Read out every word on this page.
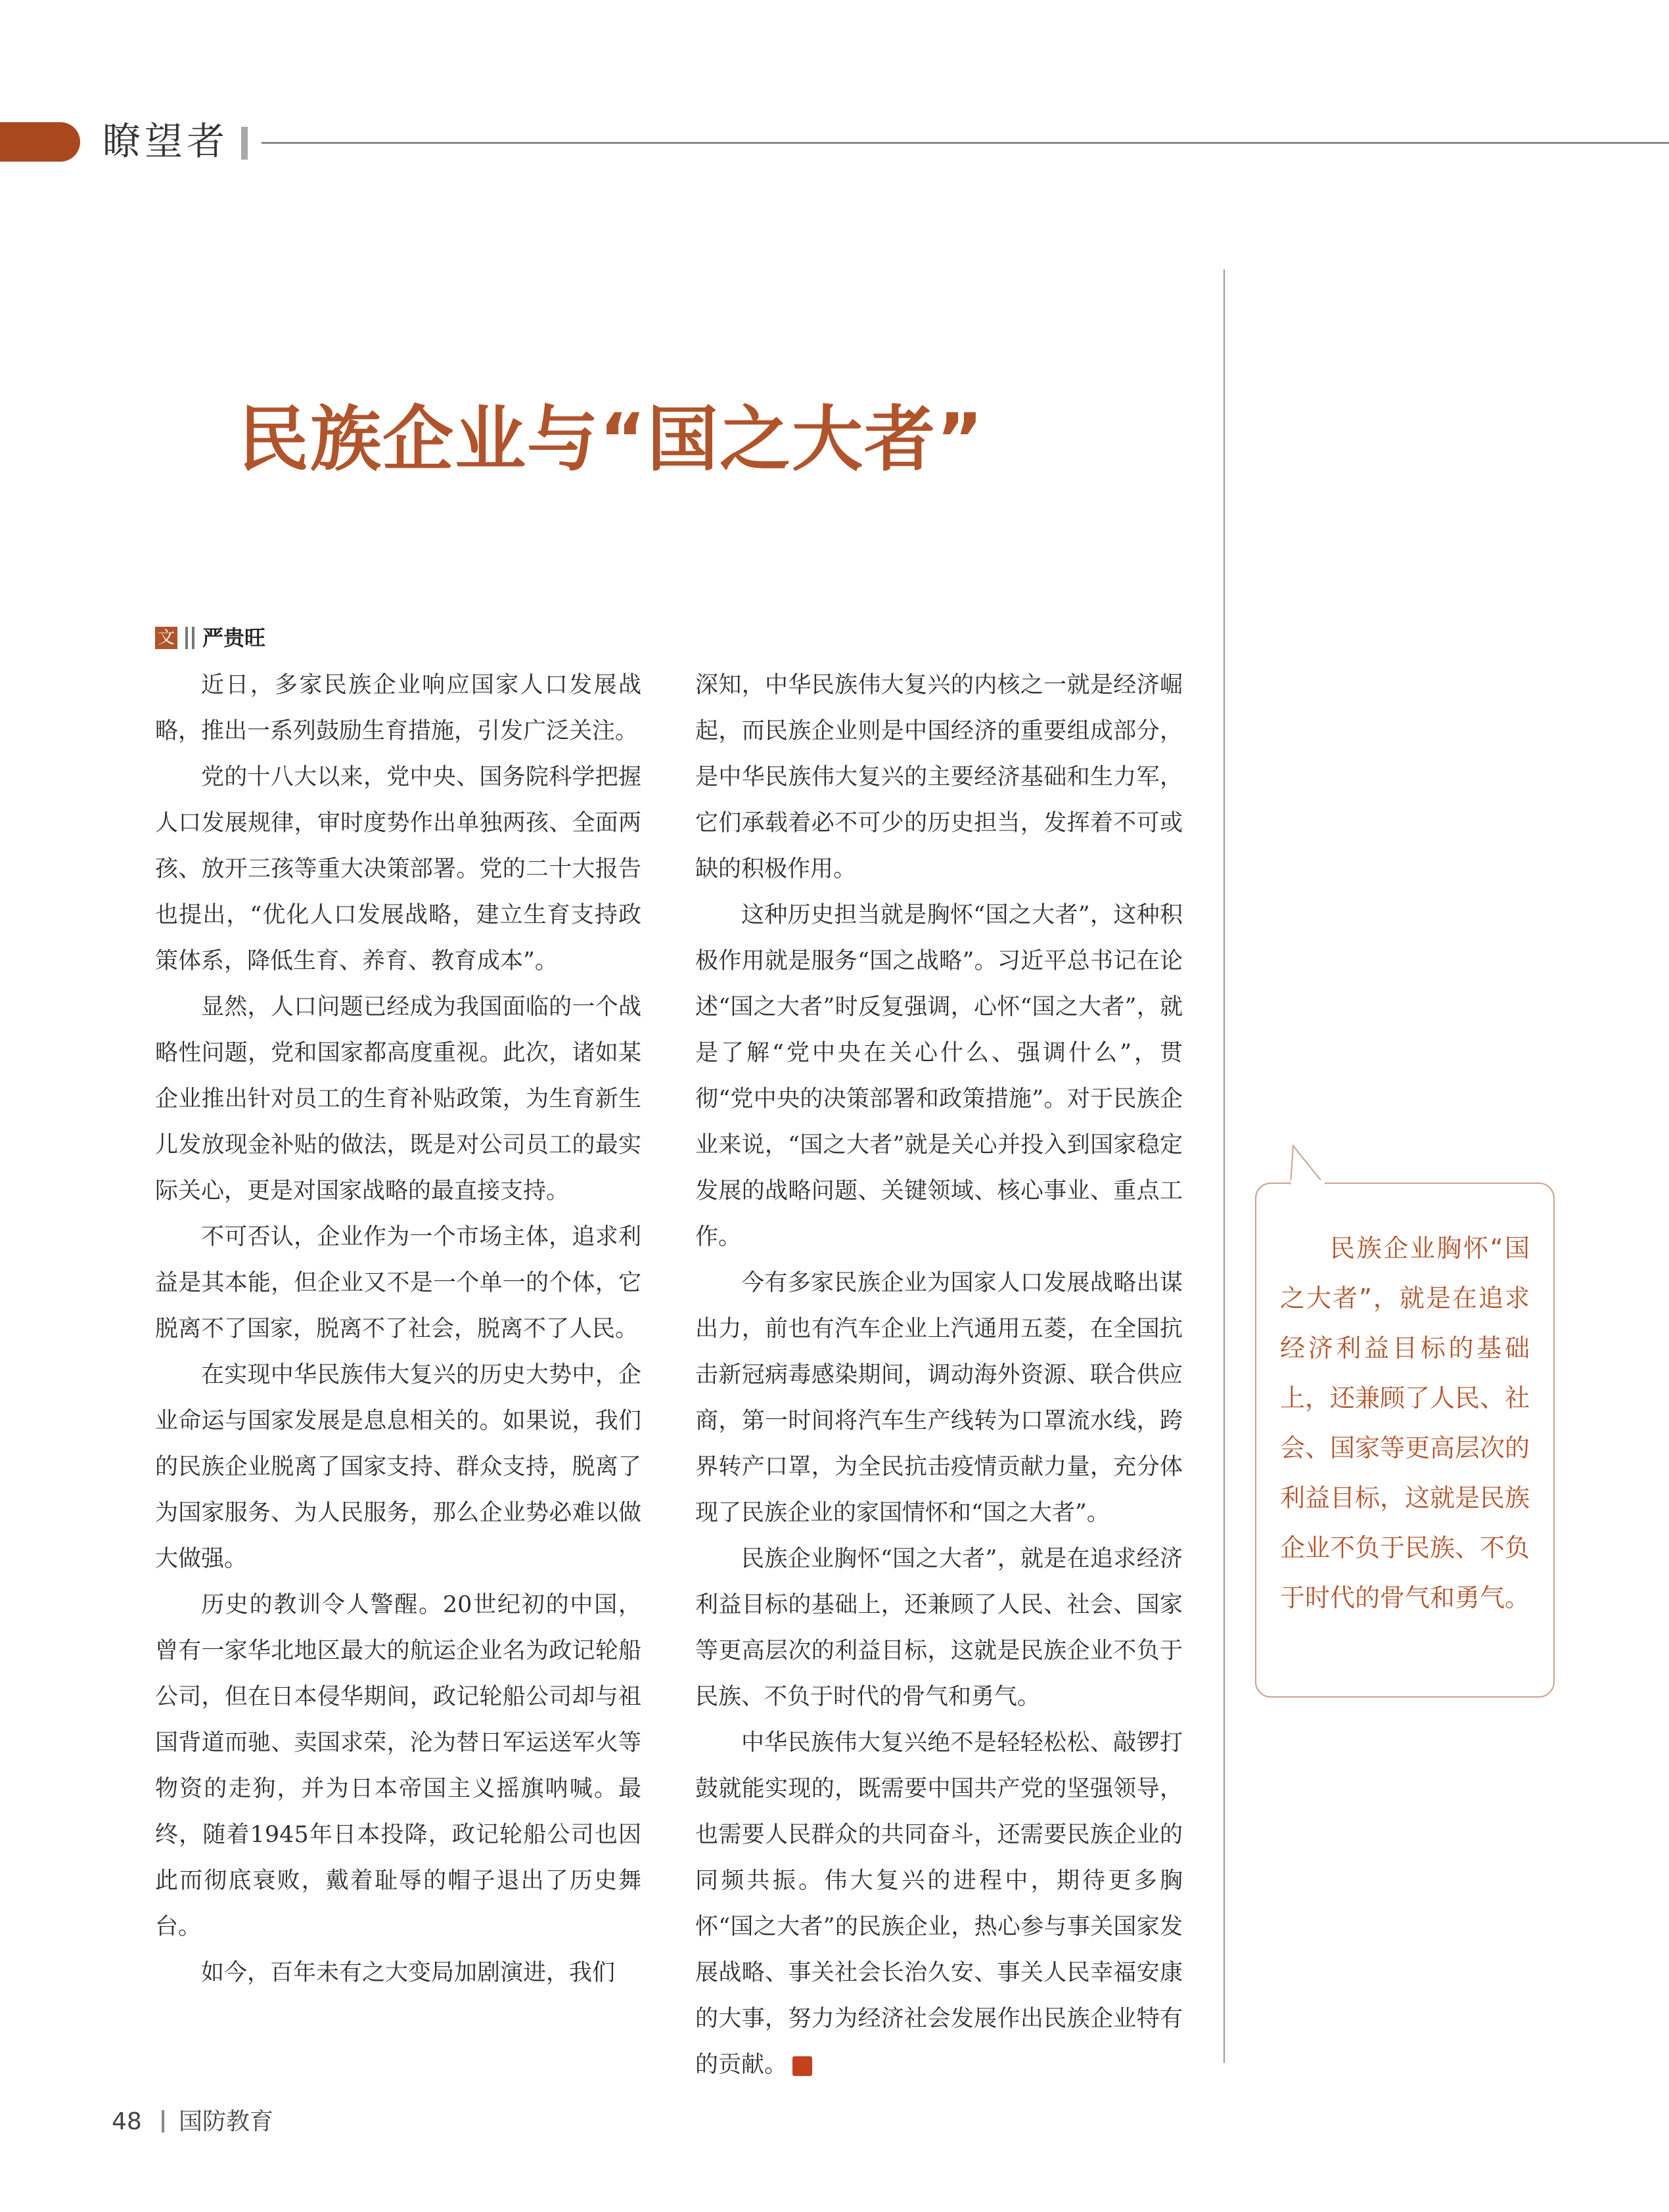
瞭望者
民族企业与“国之大者”
文 严贵旺

近日，多家民族企业响应国家人口发展战略，推出一系列鼓励生育措施，引发广泛关注。

党的十八大以来，党中央、国务院科学把握人口发展规律，审时度势作出单独两孩、全面两孩、放开三孩等重大决策部署。党的二十大报告也提出，“优化人口发展战略，建立生育支持政策体系，降低生育、养育、教育成本”。

显然，人口问题已经成为我国面临的一个战略性问题，党和国家都高度重视。此次，诸如某企业推出针对员工的生育补贴政策，为生育新生儿发放现金补贴的做法，既是对公司员工的最实际关心，更是对国家战略的最直接支持。

不可否认，企业作为一个市场主体，追求利益是其本能，但企业又不是一个单一的个体，它脱离不了国家，脱离不了社会，脱离不了人民。

在实现中华民族伟大复兴的历史大势中，企业命运与国家发展是息息相关的。如果说，我们的民族企业脱离了国家支持、群众支持，脱离了为国家服务、为人民服务，那么企业势必难以做大做强。

历史的教训令人警醒。20世纪初的中国，曾有一家华北地区最大的航运企业名为政记轮船公司，但在日本侵华期间，政记轮船公司却与祖国背道而驰、卖国求荣，沦为替日军运送军火等物资的走狗，并为日本帝国主义摇旗呐喊。最终，随着1945年日本投降，政记轮船公司也因此而彻底衰败，戴着耻辱的帽子退出了历史舞台。

如今，百年未有之大变局加剧演进，我们

深知，中华民族伟大复兴的内核之一就是经济崛起，而民族企业则是中国经济的重要组成部分，是中华民族伟大复兴的主要经济基础和生力军，它们承载着必不可少的历史担当，发挥着不可或缺的积极作用。

这种历史担当就是胸怀“国之大者”，这种积极作用就是服务“国之战略”。习近平总书记在论述“国之大者”时反复强调，心怀“国之大者”，就是了解“党中央在关心什么、强调什么”，贯彻“党中央的决策部署和政策措施”。对于民族企业来说，“国之大者”就是关心并投入到国家稳定发展的战略问题、关键领域、核心事业、重点工作。

今有多家民族企业为国家人口发展战略出谋出力，前也有汽车企业上汽通用五菱，在全国抗击新冠病毒感染期间，调动海外资源、联合供应商，第一时间将汽车生产线转为口罩流水线，跨界转产口罩，为全民抗击疫情贡献力量，充分体现了民族企业的家国情怀和“国之大者”。

民族企业胸怀“国之大者”，就是在追求经济利益目标的基础上，还兼顾了人民、社会、国家等更高层次的利益目标，这就是民族企业不负于民族、不负于时代的骨气和勇气。

中华民族伟大复兴绝不是轻轻松松、敲锣打鼓就能实现的，既需要中国共产党的坚强领导，也需要人民群众的共同奋斗，还需要民族企业的同频共振。伟大复兴的进程中，期待更多胸怀“国之大者”的民族企业，热心参与事关国家发展战略、事关社会长治久安、事关人民幸福安康的大事，努力为经济社会发展作出民族企业特有的贡献。	G

民族企业胸怀“国之大者”，就是在追求经济利益目标的基础上，还兼顾了人民、社会、国家等更高层次的利益目标，这就是民族企业不负于民族、不负于时代的骨气和勇气。

48 国防教育
